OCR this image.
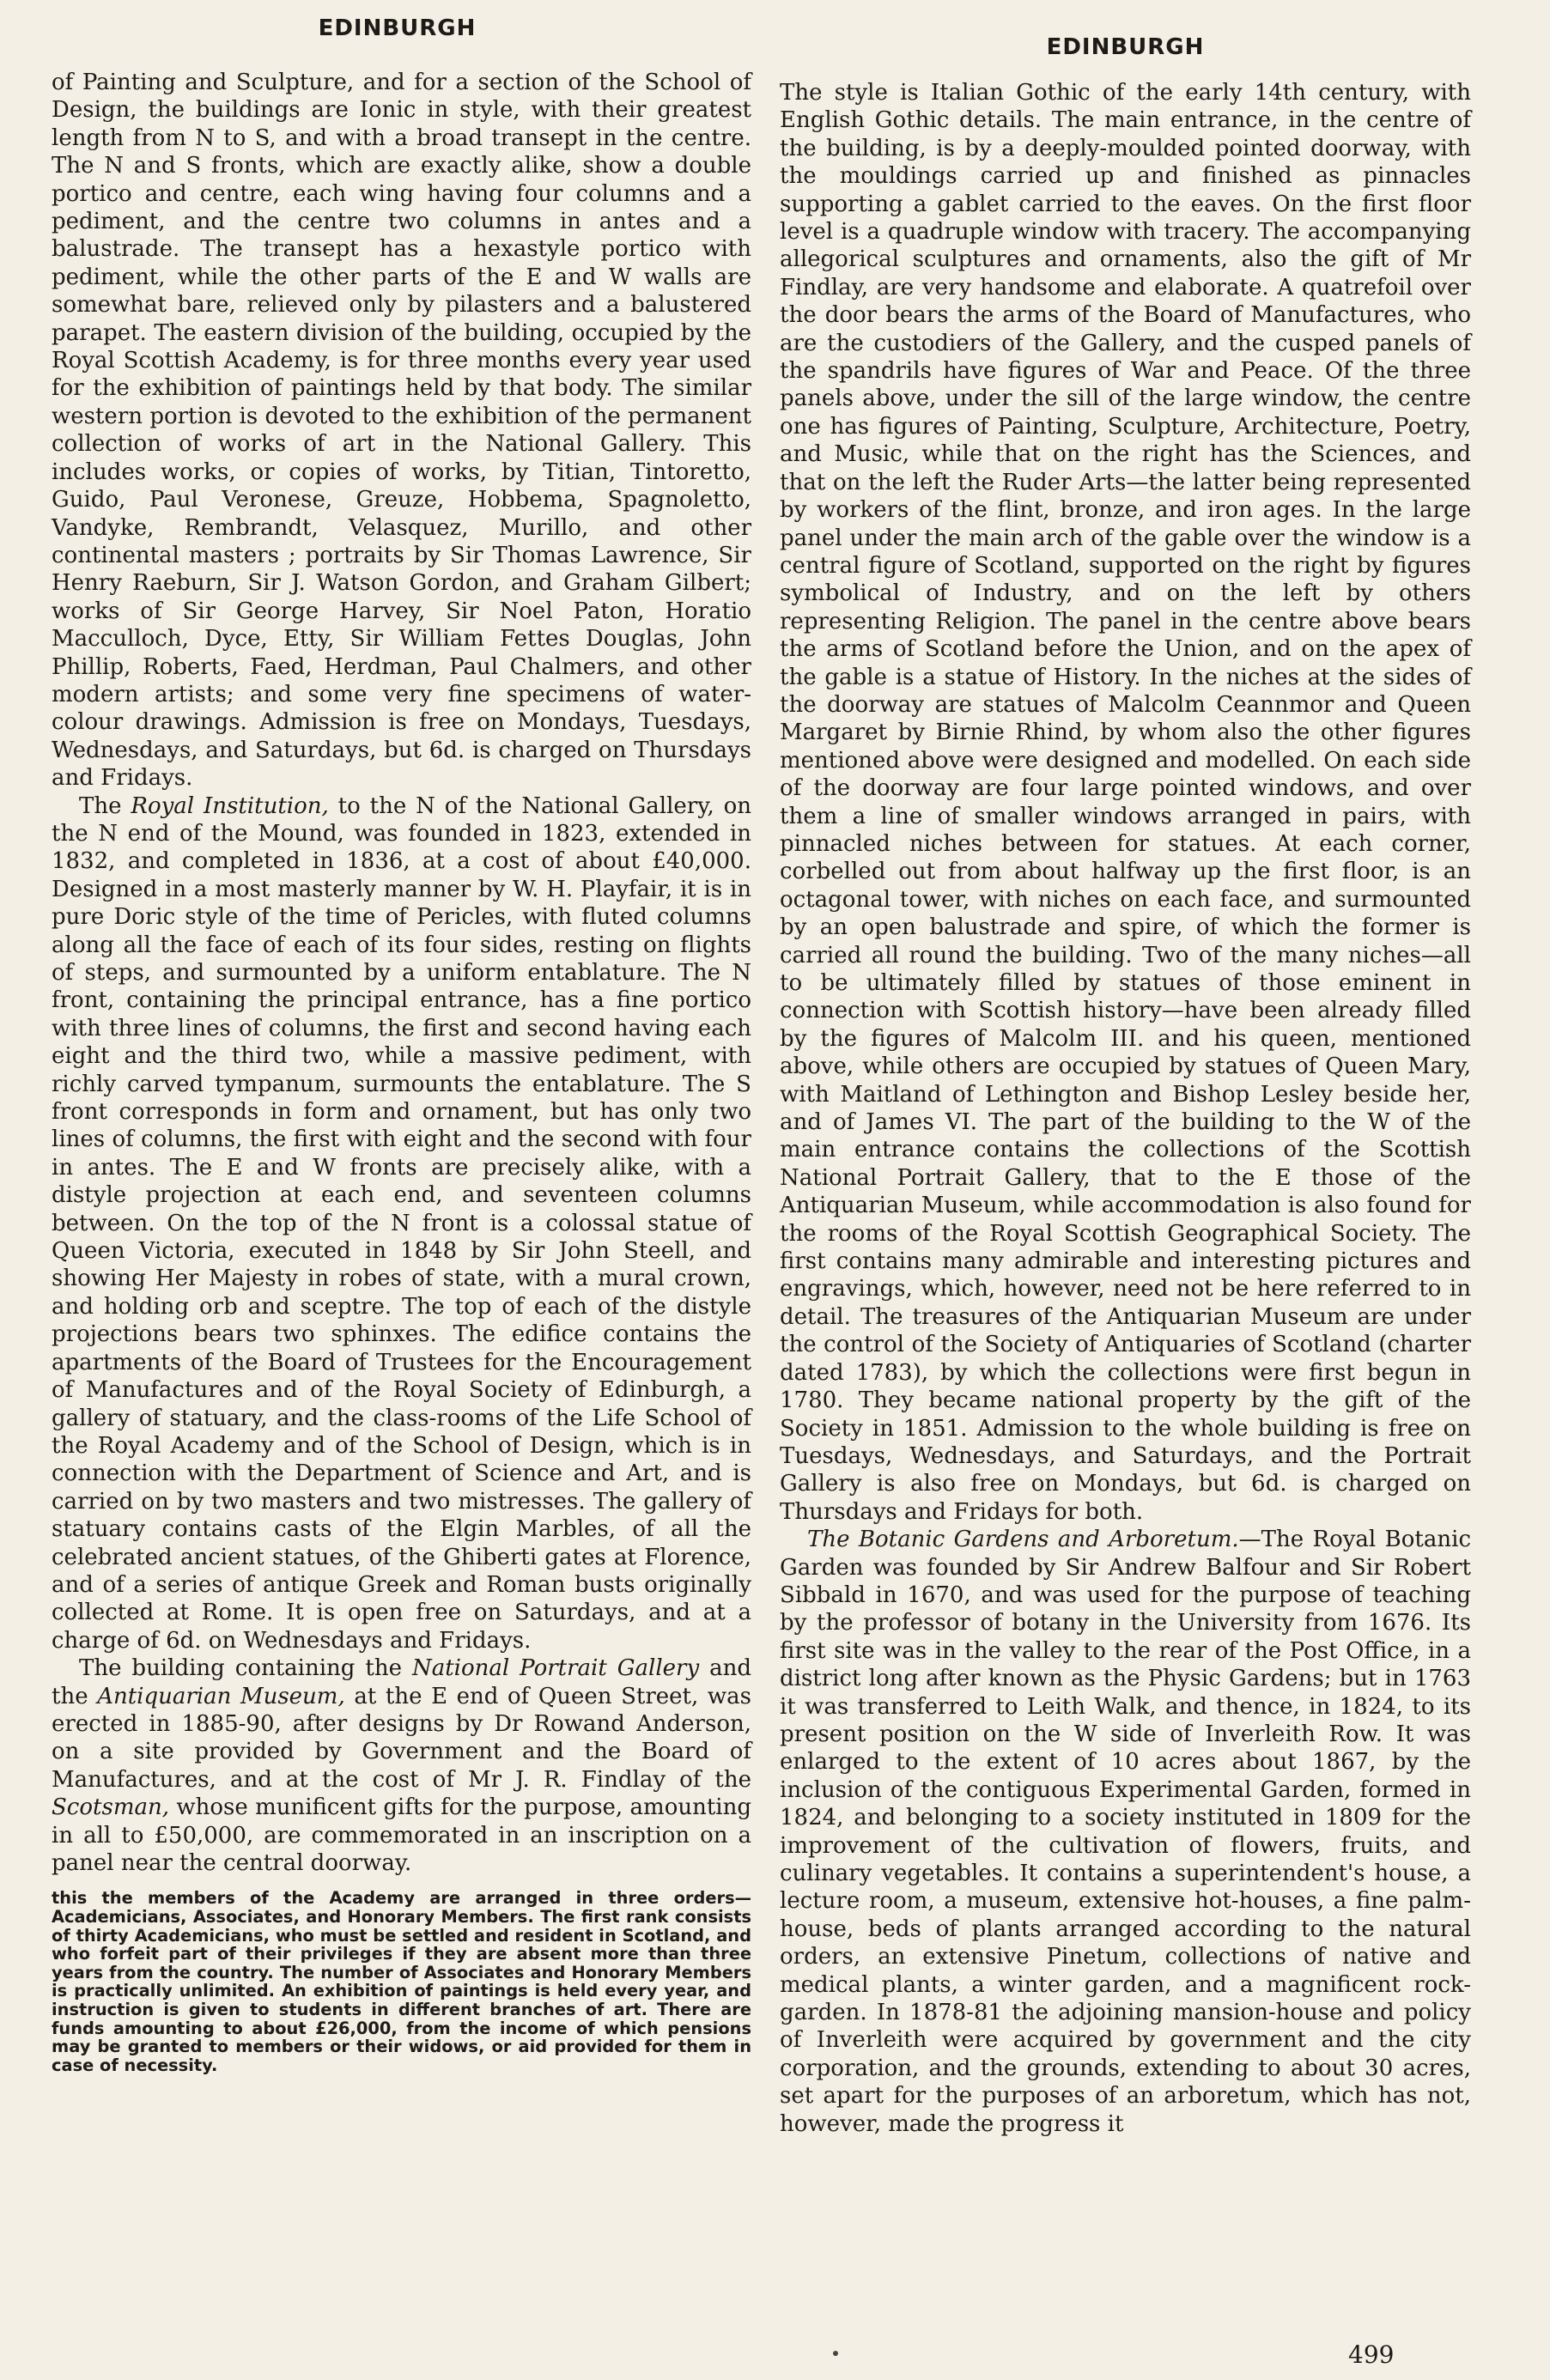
EDINBURGH
EDINBURGH

of Painting and Sculpture, and for a section of the School of Design, the buildings are Ionic in style, with their greatest length from N to S, and with a broad transept in the centre. The N and S fronts, which are exactly alike, show a double portico and centre, each wing having four columns and a pediment, and the centre two columns in antes and a balustrade. The transept has a hexastyle portico with pediment, while the other parts of the E and W walls are somewhat bare, relieved only by pilasters and a balustered parapet. The eastern division of the building, occupied by the Royal Scottish Academy, is for three months every year used for the exhibition of paintings held by that body. The similar western portion is devoted to the exhibition of the permanent collection of works of art in the National Gallery. This includes works, or copies of works, by Titian, Tintoretto, Guido, Paul Veronese, Greuze, Hobbema, Spagnoletto, Vandyke, Rembrandt, Velasquez, Murillo, and other continental masters ; portraits by Sir Thomas Lawrence, Sir Henry Raeburn, Sir J. Watson Gordon, and Graham Gilbert; works of Sir George Harvey, Sir Noel Paton, Horatio Macculloch, Dyce, Etty, Sir William Fettes Douglas, John Phillip, Roberts, Faed, Herdman, Paul Chalmers, and other modern artists; and some very fine specimens of water-colour drawings. Admission is free on Mondays, Tuesdays, Wednesdays, and Saturdays, but 6d. is charged on Thursdays and Fridays.

The Royal Institution, to the N of the National Gallery, on the N end of the Mound, was founded in 1823, extended in 1832, and completed in 1836, at a cost of about £40,000. Designed in a most masterly manner by W. H. Playfair, it is in pure Doric style of the time of Pericles, with fluted columns along all the face of each of its four sides, resting on flights of steps, and surmounted by a uniform entablature. The N front, containing the principal entrance, has a fine portico with three lines of columns, the first and second having each eight and the third two, while a massive pediment, with richly carved tympanum, surmounts the entablature. The S front corresponds in form and ornament, but has only two lines of columns, the first with eight and the second with four in antes. The E and W fronts are precisely alike, with a distyle projection at each end, and seventeen columns between. On the top of the N front is a colossal statue of Queen Victoria, executed in 1848 by Sir John Steell, and showing Her Majesty in robes of state, with a mural crown, and holding orb and sceptre. The top of each of the distyle projections bears two sphinxes. The edifice contains the apartments of the Board of Trustees for the Encouragement of Manufactures and of the Royal Society of Edinburgh, a gallery of statuary, and the class-rooms of the Life School of the Royal Academy and of the School of Design, which is in connection with the Department of Science and Art, and is carried on by two masters and two mistresses. The gallery of statuary contains casts of the Elgin Marbles, of all the celebrated ancient statues, of the Ghiberti gates at Florence, and of a series of antique Greek and Roman busts originally collected at Rome. It is open free on Saturdays, and at a charge of 6d. on Wednesdays and Fridays.

The building containing the National Portrait Gallery and the Antiquarian Museum, at the E end of Queen Street, was erected in 1885-90, after designs by Dr Rowand Anderson, on a site provided by Government and the Board of Manufactures, and at the cost of Mr J. R. Findlay of the Scotsman, whose munificent gifts for the purpose, amounting in all to £50,000, are commemorated in an inscription on a panel near the central doorway.

this the members of the Academy are arranged in three orders—Academicians, Associates, and Honorary Members. The first rank consists of thirty Academicians, who must be settled and resident in Scotland, and who forfeit part of their privileges if they are absent more than three years from the country. The number of Associates and Honorary Members is practically unlimited. An exhibition of paintings is held every year, and instruction is given to students in different branches of art. There are funds amounting to about £26,000, from the income of which pensions may be granted to members or their widows, or aid provided for them in case of necessity.

The style is Italian Gothic of the early 14th century, with English Gothic details. The main entrance, in the centre of the building, is by a deeply-moulded pointed doorway, with the mouldings carried up and finished as pinnacles supporting a gablet carried to the eaves. On the first floor level is a quadruple window with tracery. The accompanying allegorical sculptures and ornaments, also the gift of Mr Findlay, are very handsome and elaborate. A quatrefoil over the door bears the arms of the Board of Manufactures, who are the custodiers of the Gallery, and the cusped panels of the spandrils have figures of War and Peace. Of the three panels above, under the sill of the large window, the centre one has figures of Painting, Sculpture, Architecture, Poetry, and Music, while that on the right has the Sciences, and that on the left the Ruder Arts—the latter being represented by workers of the flint, bronze, and iron ages. In the large panel under the main arch of the gable over the window is a central figure of Scotland, supported on the right by figures symbolical of Industry, and on the left by others representing Religion. The panel in the centre above bears the arms of Scotland before the Union, and on the apex of the gable is a statue of History. In the niches at the sides of the doorway are statues of Malcolm Ceannmor and Queen Margaret by Birnie Rhind, by whom also the other figures mentioned above were designed and modelled. On each side of the doorway are four large pointed windows, and over them a line of smaller windows arranged in pairs, with pinnacled niches between for statues. At each corner, corbelled out from about halfway up the first floor, is an octagonal tower, with niches on each face, and surmounted by an open balustrade and spire, of which the former is carried all round the building. Two of the many niches—all to be ultimately filled by statues of those eminent in connection with Scottish history—have been already filled by the figures of Malcolm III. and his queen, mentioned above, while others are occupied by statues of Queen Mary, with Maitland of Lethington and Bishop Lesley beside her, and of James VI. The part of the building to the W of the main entrance contains the collections of the Scottish National Portrait Gallery, that to the E those of the Antiquarian Museum, while accommodation is also found for the rooms of the Royal Scottish Geographical Society. The first contains many admirable and interesting pictures and engravings, which, however, need not be here referred to in detail. The treasures of the Antiquarian Museum are under the control of the Society of Antiquaries of Scotland (charter dated 1783), by which the collections were first begun in 1780. They became national property by the gift of the Society in 1851. Admission to the whole building is free on Tuesdays, Wednesdays, and Saturdays, and the Portrait Gallery is also free on Mondays, but 6d. is charged on Thursdays and Fridays for both.

The Botanic Gardens and Arboretum.—The Royal Botanic Garden was founded by Sir Andrew Balfour and Sir Robert Sibbald in 1670, and was used for the purpose of teaching by the professor of botany in the University from 1676. Its first site was in the valley to the rear of the Post Office, in a district long after known as the Physic Gardens; but in 1763 it was transferred to Leith Walk, and thence, in 1824, to its present position on the W side of Inverleith Row. It was enlarged to the extent of 10 acres about 1867, by the inclusion of the contiguous Experimental Garden, formed in 1824, and belonging to a society instituted in 1809 for the improvement of the cultivation of flowers, fruits, and culinary vegetables. It contains a superintendent's house, a lecture room, a museum, extensive hot-houses, a fine palm-house, beds of plants arranged according to the natural orders, an extensive Pinetum, collections of native and medical plants, a winter garden, and a magnificent rock-garden. In 1878-81 the adjoining mansion-house and policy of Inverleith were acquired by government and the city corporation, and the grounds, extending to about 30 acres, set apart for the purposes of an arboretum, which has not, however, made the progress it

499
